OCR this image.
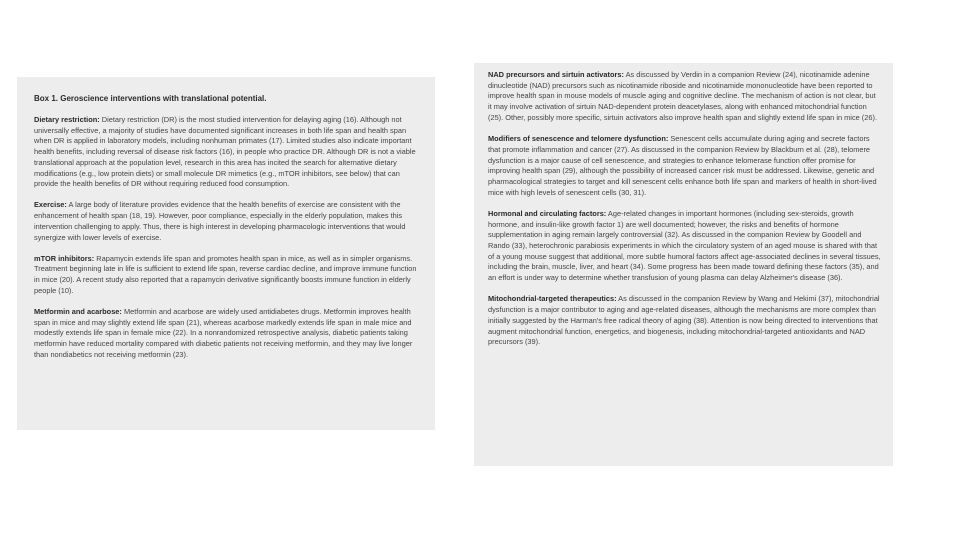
Box 1. Geroscience interventions with translational potential.

Dietary restriction: Dietary restriction (DR) is the most studied intervention for delaying aging (16). Although not universally effective, a majority of studies have documented significant increases in both life span and health span when DR is applied in laboratory models, including nonhuman primates (17). Limited studies also indicate important health benefits, including reversal of disease risk factors (16), in people who practice DR. Although DR is not a viable translational approach at the population level, research in this area has incited the search for alternative dietary modifications (e.g., low protein diets) or small molecule DR mimetics (e.g., mTOR inhibitors, see below) that can provide the health benefits of DR without requiring reduced food consumption.

Exercise: A large body of literature provides evidence that the health benefits of exercise are consistent with the enhancement of health span (18, 19). However, poor compliance, especially in the elderly population, makes this intervention challenging to apply. Thus, there is high interest in developing pharmacologic interventions that would synergize with lower levels of exercise.

mTOR inhibitors: Rapamycin extends life span and promotes health span in mice, as well as in simpler organisms. Treatment beginning late in life is sufficient to extend life span, reverse cardiac decline, and improve immune function in mice (20). A recent study also reported that a rapamycin derivative significantly boosts immune function in elderly people (10).

Metformin and acarbose: Metformin and acarbose are widely used antidiabetes drugs. Metformin improves health span in mice and may slightly extend life span (21), whereas acarbose markedly extends life span in male mice and modestly extends life span in female mice (22). In a nonrandomized retrospective analysis, diabetic patients taking metformin have reduced mortality compared with diabetic patients not receiving metformin, and they may live longer than nondiabetics not receiving metformin (23).

NAD precursors and sirtuin activators: As discussed by Verdin in a companion Review (24), nicotinamide adenine dinucleotide (NAD) precursors such as nicotinamide riboside and nicotinamide mononucleotide have been reported to improve health span in mouse models of muscle aging and cognitive decline. The mechanism of action is not clear, but it may involve activation of sirtuin NAD-dependent protein deacetylases, along with enhanced mitochondrial function (25). Other, possibly more specific, sirtuin activators also improve health span and slightly extend life span in mice (26).

Modifiers of senescence and telomere dysfunction: Senescent cells accumulate during aging and secrete factors that promote inflammation and cancer (27). As discussed in the companion Review by Blackburn et al. (28), telomere dysfunction is a major cause of cell senescence, and strategies to enhance telomerase function offer promise for improving health span (29), although the possibility of increased cancer risk must be addressed. Likewise, genetic and pharmacological strategies to target and kill senescent cells enhance both life span and markers of health in short-lived mice with high levels of senescent cells (30, 31).

Hormonal and circulating factors: Age-related changes in important hormones (including sex-steroids, growth hormone, and insulin-like growth factor 1) are well documented; however, the risks and benefits of hormone supplementation in aging remain largely controversial (32). As discussed in the companion Review by Goodell and Rando (33), heterochronic parabiosis experiments in which the circulatory system of an aged mouse is shared with that of a young mouse suggest that additional, more subtle humoral factors affect age-associated declines in several tissues, including the brain, muscle, liver, and heart (34). Some progress has been made toward defining these factors (35), and an effort is under way to determine whether transfusion of young plasma can delay Alzheimer's disease (36).

Mitochondrial-targeted therapeutics: As discussed in the companion Review by Wang and Hekimi (37), mitochondrial dysfunction is a major contributor to aging and age-related diseases, although the mechanisms are more complex than initially suggested by the Harman's free radical theory of aging (38). Attention is now being directed to interventions that augment mitochondrial function, energetics, and biogenesis, including mitochondrial-targeted antioxidants and NAD precursors (39).
